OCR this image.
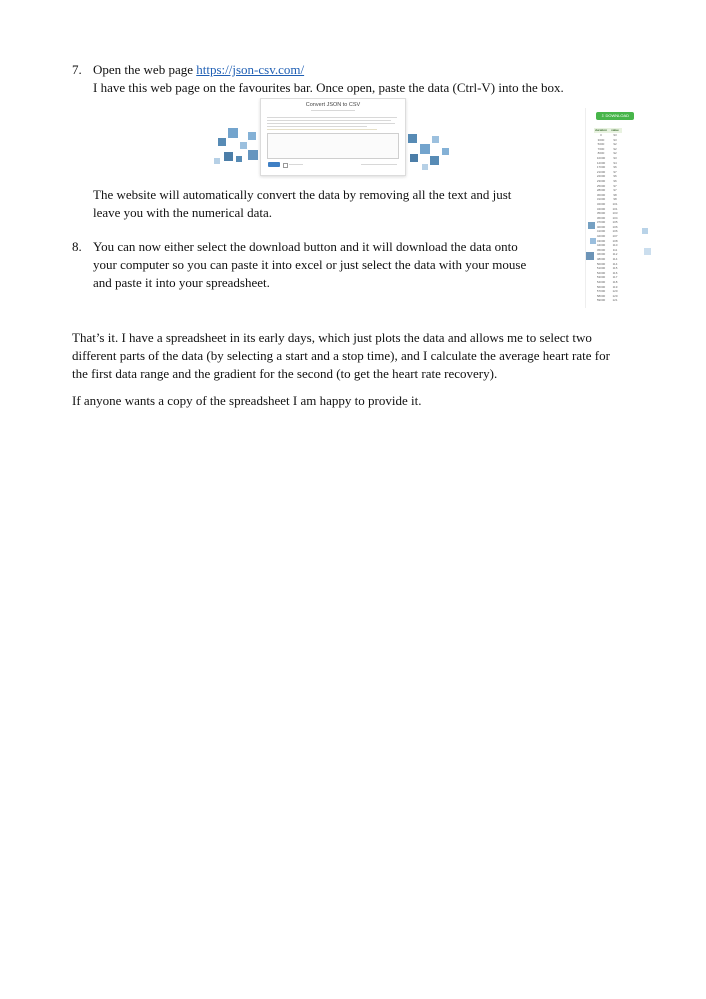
7. Open the web page https://json-csv.com/
I have this web page on the favourites bar. Once open, paste the data (Ctrl-V) into the box.
Convert JSON to CSV
The website will automatically convert the data by removing all the text and just
leave you with the numerical data.
8. You can now either select the download button and it will download the data onto
your computer so you can paste it into excel or just select the data with your mouse
and paste it into your spreadsheet.
⇩ DOWNLOAD
duration	value
0	93
3000	93
5000	92
7000	92
8000	92
10000	93
12000	94
17000	96
21000	97
22000	96
23000	96
25000	97
28000	97
30000	98
31000	98
32000	101
34000	101
35000	103
36000	104
37000	105
40000	106
41000	106
42000	107
43000	108
44000	110
45000	111
46000	112
48000	114
50000	114
51000	115
52000	116
53000	117
54000	118
56000	119
57000	120
58000	120
59000	121
That’s it. I have a spreadsheet in its early days, which just plots the data and allows me to select two
different parts of the data (by selecting a start and a stop time), and I calculate the average heart rate for
the first data range and the gradient for the second (to get the heart rate recovery).
If anyone wants a copy of the spreadsheet I am happy to provide it.
